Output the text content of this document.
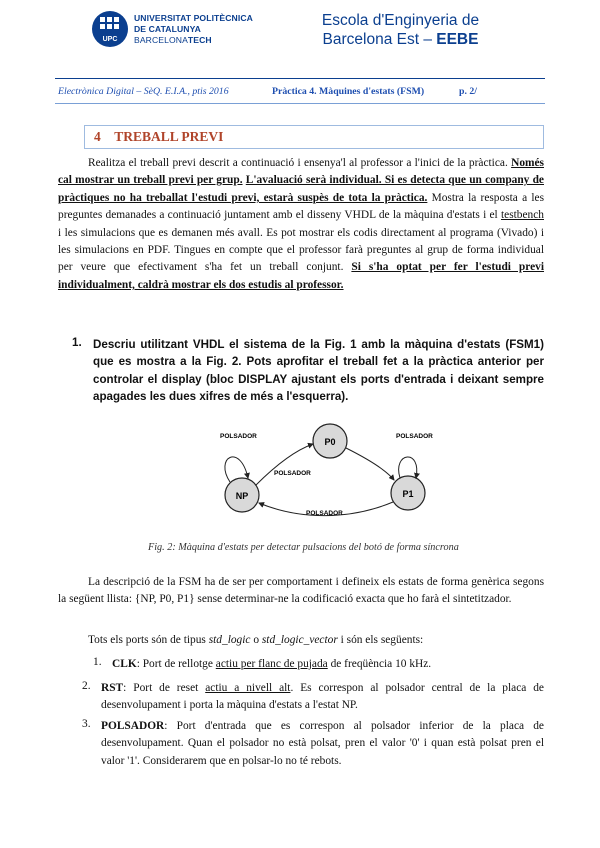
UPC
UNIVERSITAT POLITÈCNICA
DE CATALUNYA
BARCELONATECH
Escola d'Enginyeria de
Barcelona Est – EEBE
Electrònica Digital – SèQ. E.I.A., ptis 2016	Pràctica 4. Màquines d'estats (FSM)	p. 2/
4 TREBALL PREVI
Realitza el treball previ descrit a continuació i ensenya'l al professor a l'inici de la pràctica. Només cal mostrar un treball previ per grup. L'avaluació serà individual. Si es detecta que un company de pràctiques no ha treballat l'estudi previ, estarà suspès de tota la pràctica. Mostra la resposta a les preguntes demanades a continuació juntament amb el disseny VHDL de la màquina d'estats i el testbench i les simulacions que es demanen més avall. Es pot mostrar els codis directament al programa (Vivado) i les simulacions en PDF. Tingues en compte que el professor farà preguntes al grup de forma individual per veure que efectivament s'ha fet un treball conjunt. Si s'ha optat per fer l'estudi previ individualment, caldrà mostrar els dos estudis al professor.
1. Descriu utilitzant VHDL el sistema de la Fig. 1 amb la màquina d'estats (FSM1) que es mostra a la Fig. 2. Pots aprofitar el treball fet a la pràctica anterior per controlar el display (bloc DISPLAY ajustant els ports d'entrada i deixant sempre apagades les dues xifres de més a l'esquerra).
P0
NP	P1
POLSADOR	POLSADOR
POLSADOR
POLSADOR
Fig. 2: Màquina d'estats per detectar pulsacions del botó de forma síncrona
La descripció de la FSM ha de ser per comportament i defineix els estats de forma genèrica segons la següent llista: {NP, P0, P1} sense determinar-ne la codificació exacta que ho farà el sintetitzador.
Tots els ports són de tipus std_logic o std_logic_vector i són els següents:
1. CLK: Port de rellotge actiu per flanc de pujada de freqüència 10 kHz.
2. RST: Port de reset actiu a nivell alt. Es correspon al polsador central de la placa de desenvolupament i porta la màquina d'estats a l'estat NP.
3. POLSADOR: Port d'entrada que es correspon al polsador inferior de la placa de desenvolupament. Quan el polsador no està polsat, pren el valor '0' i quan està polsat pren el valor '1'. Considerarem que en polsar-lo no té rebots.
